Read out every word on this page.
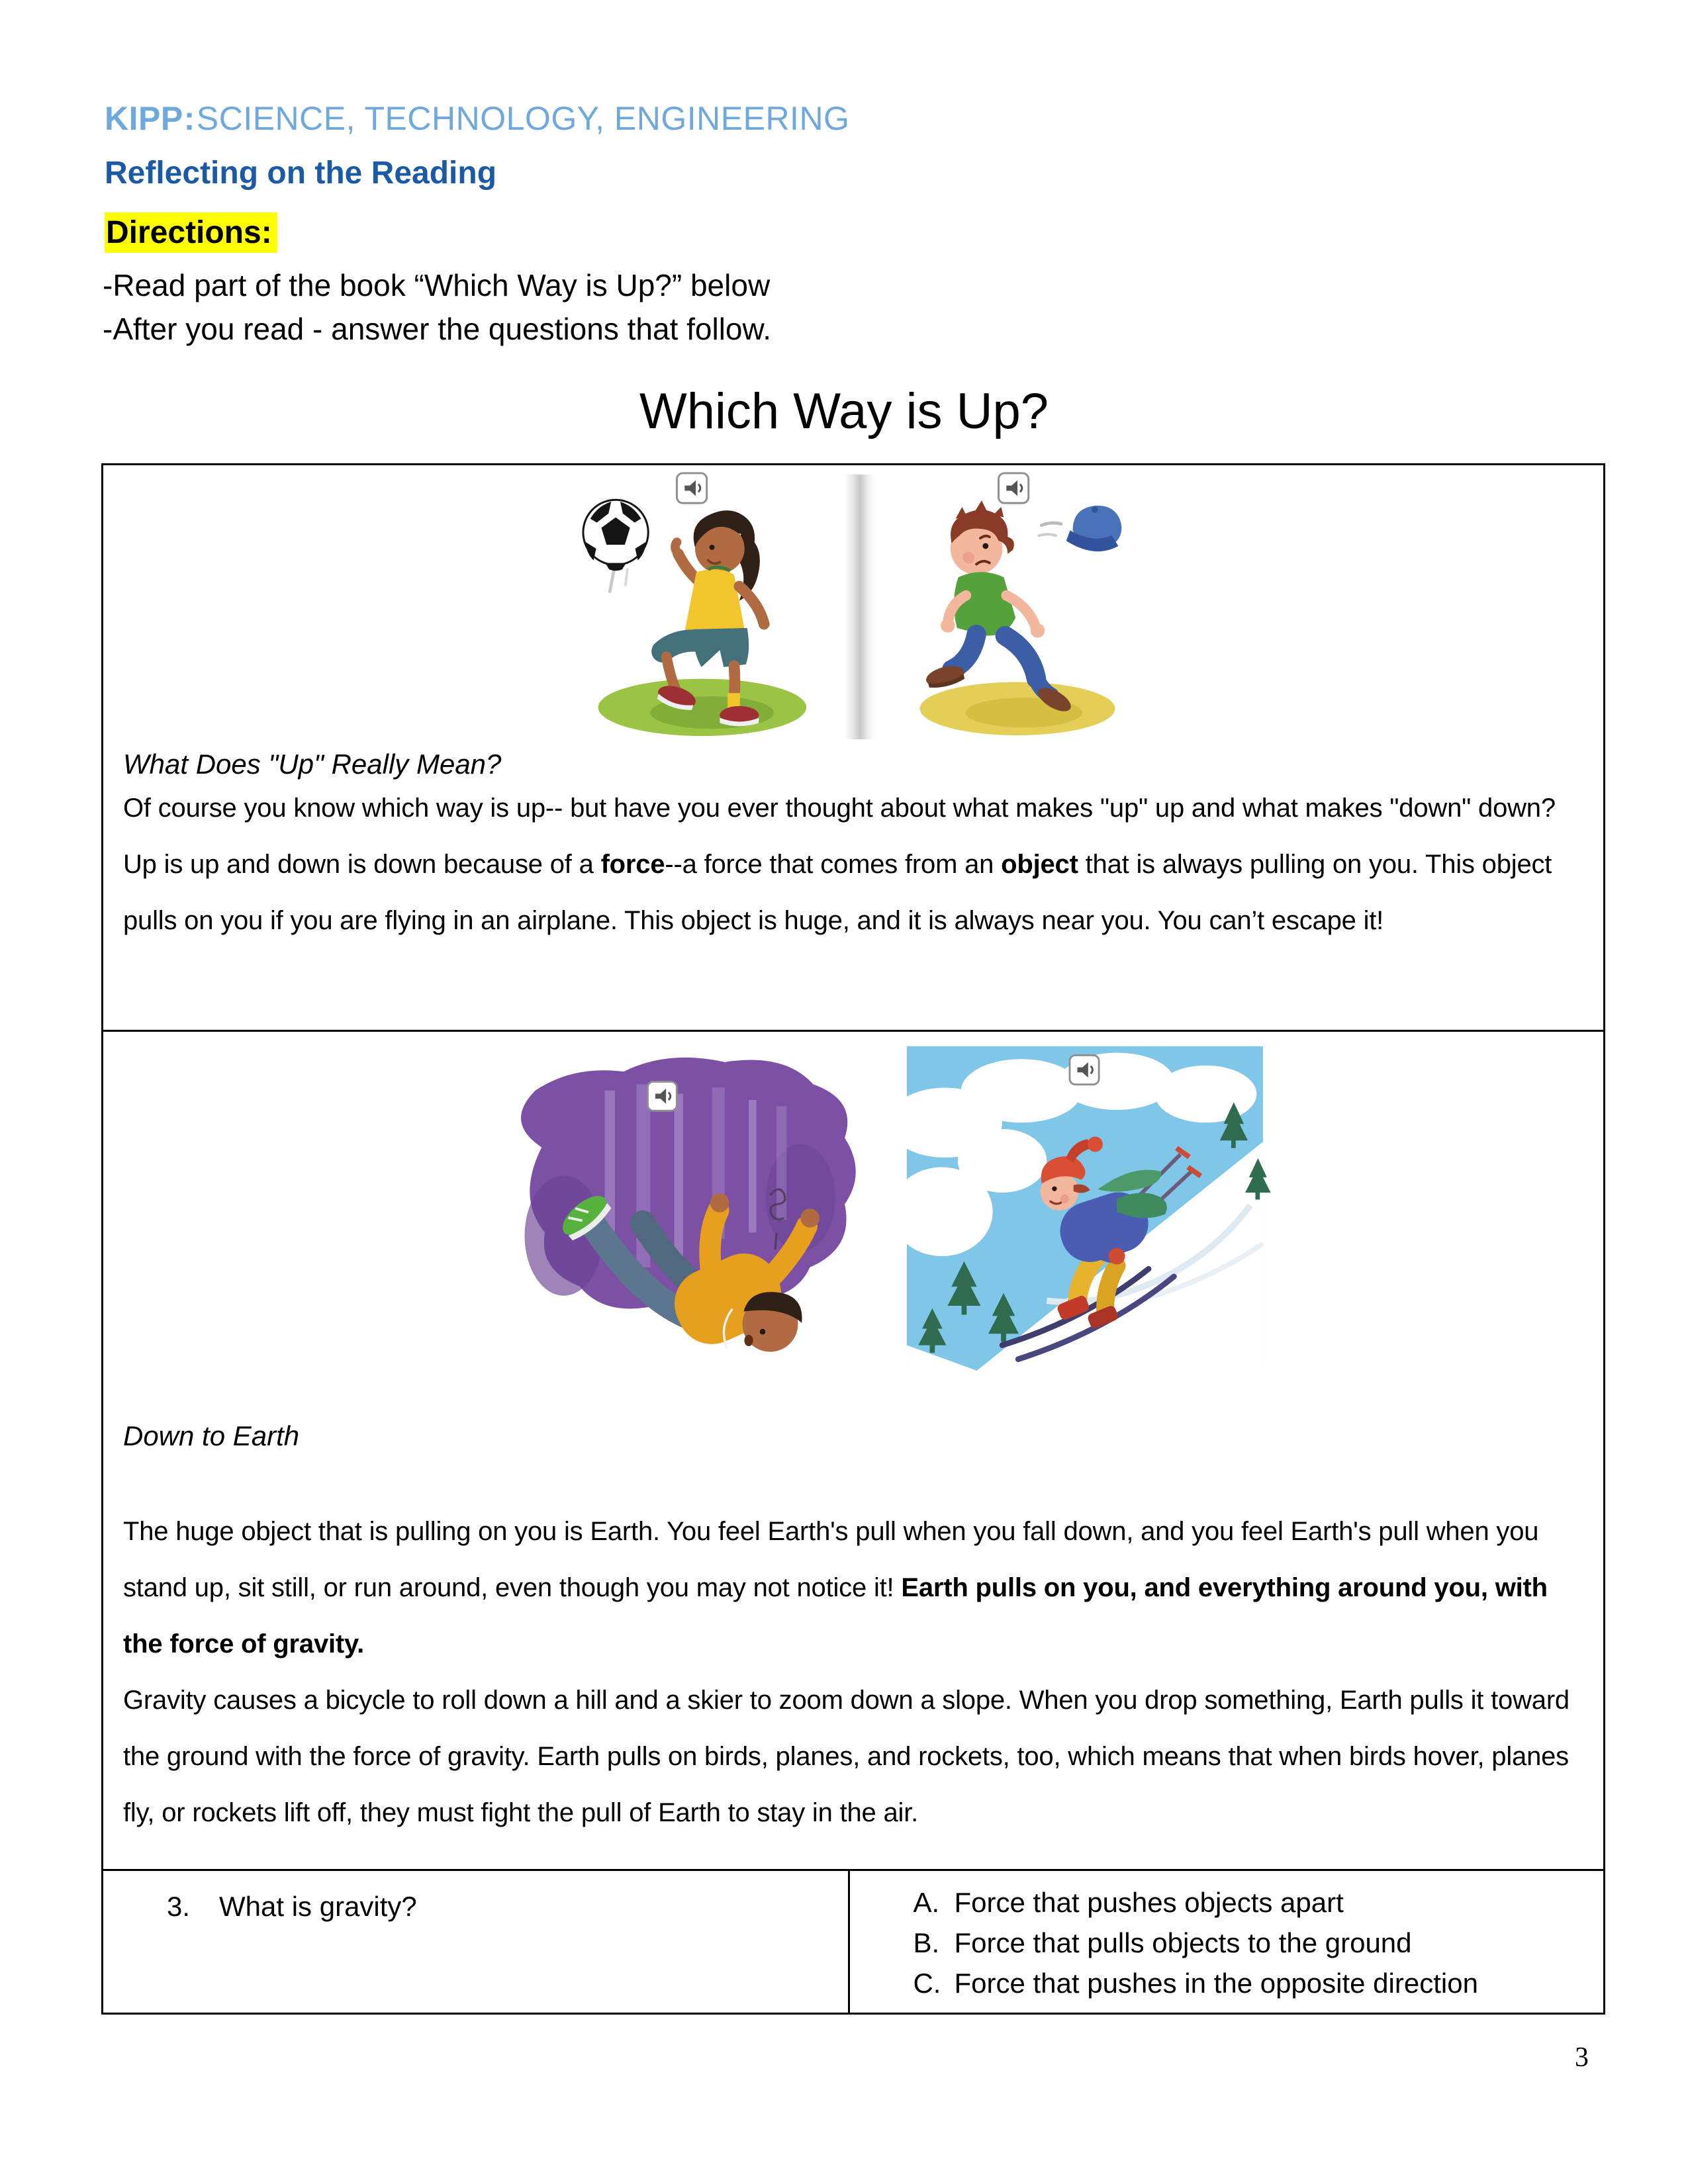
KIPP:SCIENCE, TECHNOLOGY, ENGINEERING
Reflecting on the Reading
Directions:
-Read part of the book “Which Way is Up?” below
-After you read - answer the questions that follow.
Which Way is Up?
What Does "Up" Really Mean?
Of course you know which way is up-- but have you ever thought about what makes "up" up and what makes "down" down? Up is up and down is down because of a force--a force that comes from an object that is always pulling on you. This object pulls on you if you are flying in an airplane. This object is huge, and it is always near you. You can’t escape it!
Down to Earth
The huge object that is pulling on you is Earth. You feel Earth's pull when you fall down, and you feel Earth's pull when you stand up, sit still, or run around, even though you may not notice it! Earth pulls on you, and everything around you, with the force of gravity.
Gravity causes a bicycle to roll down a hill and a skier to zoom down a slope. When you drop something, Earth pulls it toward the ground with the force of gravity. Earth pulls on birds, planes, and rockets, too, which means that when birds hover, planes fly, or rockets lift off, they must fight the pull of Earth to stay in the air.
3. What is gravity?	A. Force that pushes objects apart
B. Force that pulls objects to the ground
C. Force that pushes in the opposite direction
3
